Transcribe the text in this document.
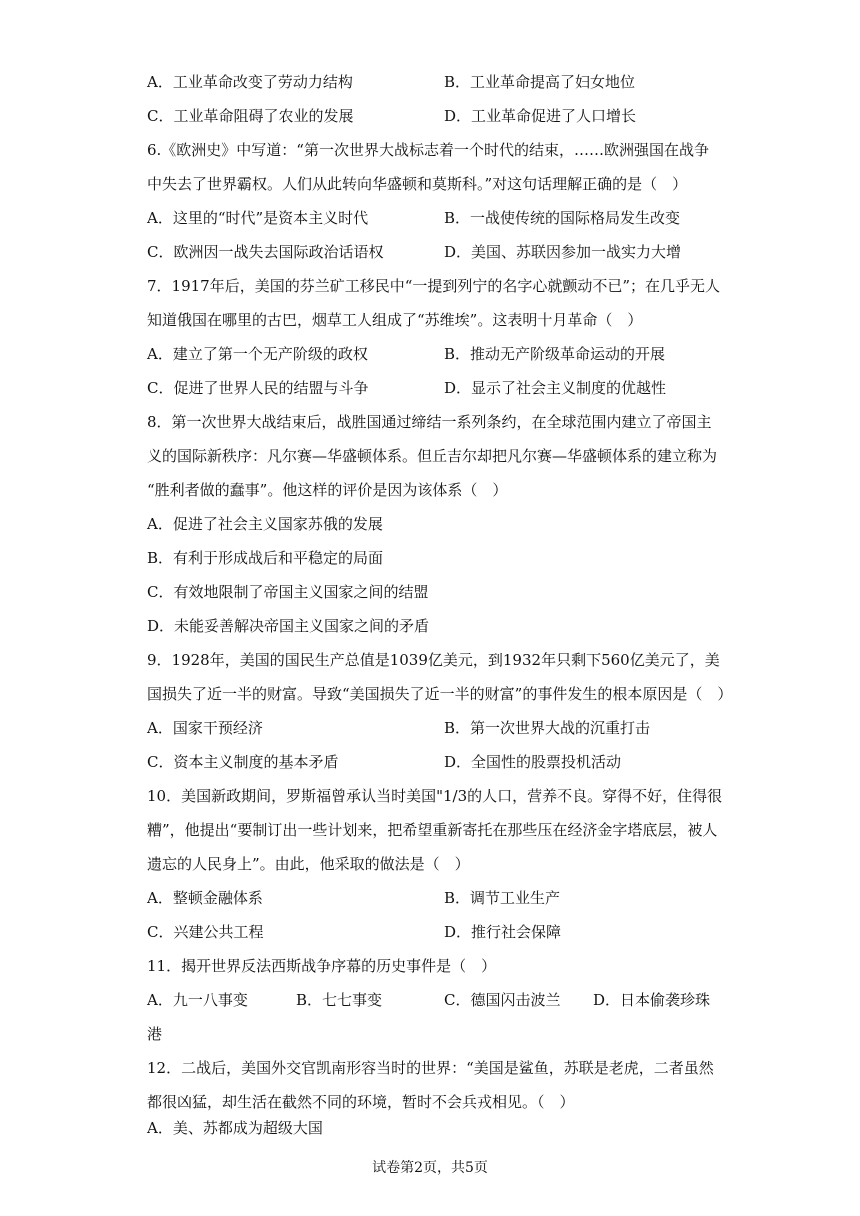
A．工业革命改变了劳动力结构	B．工业革命提高了妇女地位
C．工业革命阻碍了农业的发展	D．工业革命促进了人口增长
6.《欧洲史》中写道：“第一次世界大战标志着一个时代的结束，……欧洲强国在战争
中失去了世界霸权。人们从此转向华盛顿和莫斯科。”对这句话理解正确的是（　）
A．这里的“时代”是资本主义时代	B．一战使传统的国际格局发生改变
C．欧洲因一战失去国际政治话语权	D．美国、苏联因参加一战实力大增
7．1917年后，美国的芬兰矿工移民中“一提到列宁的名字心就颤动不已”；在几乎无人
知道俄国在哪里的古巴，烟草工人组成了“苏维埃”。这表明十月革命（　）
A．建立了第一个无产阶级的政权	B．推动无产阶级革命运动的开展
C．促进了世界人民的结盟与斗争	D．显示了社会主义制度的优越性
8．第一次世界大战结束后，战胜国通过缔结一系列条约，在全球范围内建立了帝国主
义的国际新秩序：凡尔赛—华盛顿体系。但丘吉尔却把凡尔赛—华盛顿体系的建立称为
“胜利者做的蠢事”。他这样的评价是因为该体系（　）
A．促进了社会主义国家苏俄的发展
B．有利于形成战后和平稳定的局面
C．有效地限制了帝国主义国家之间的结盟
D．未能妥善解决帝国主义国家之间的矛盾
9．1928年，美国的国民生产总值是1039亿美元，到1932年只剩下560亿美元了，美
国损失了近一半的财富。导致“美国损失了近一半的财富”的事件发生的根本原因是（　）
A．国家干预经济	B．第一次世界大战的沉重打击
C．资本主义制度的基本矛盾	D．全国性的股票投机活动
10．美国新政期间，罗斯福曾承认当时美国"1/3的人口，营养不良。穿得不好，住得很
糟”，他提出“要制订出一些计划来，把希望重新寄托在那些压在经济金字塔底层，被人
遗忘的人民身上”。由此，他采取的做法是（　）
A．整顿金融体系	B．调节工业生产
C．兴建公共工程	D．推行社会保障
11．揭开世界反法西斯战争序幕的历史事件是（　）
A．九一八事变	B．七七事变	C．德国闪击波兰 D．日本偷袭珍珠
港
12．二战后，美国外交官凯南形容当时的世界：“美国是鲨鱼，苏联是老虎，二者虽然
都很凶猛，却生活在截然不同的环境，暂时不会兵戎相见。（　）
A．美、苏都成为超级大国
试卷第2页，共5页
